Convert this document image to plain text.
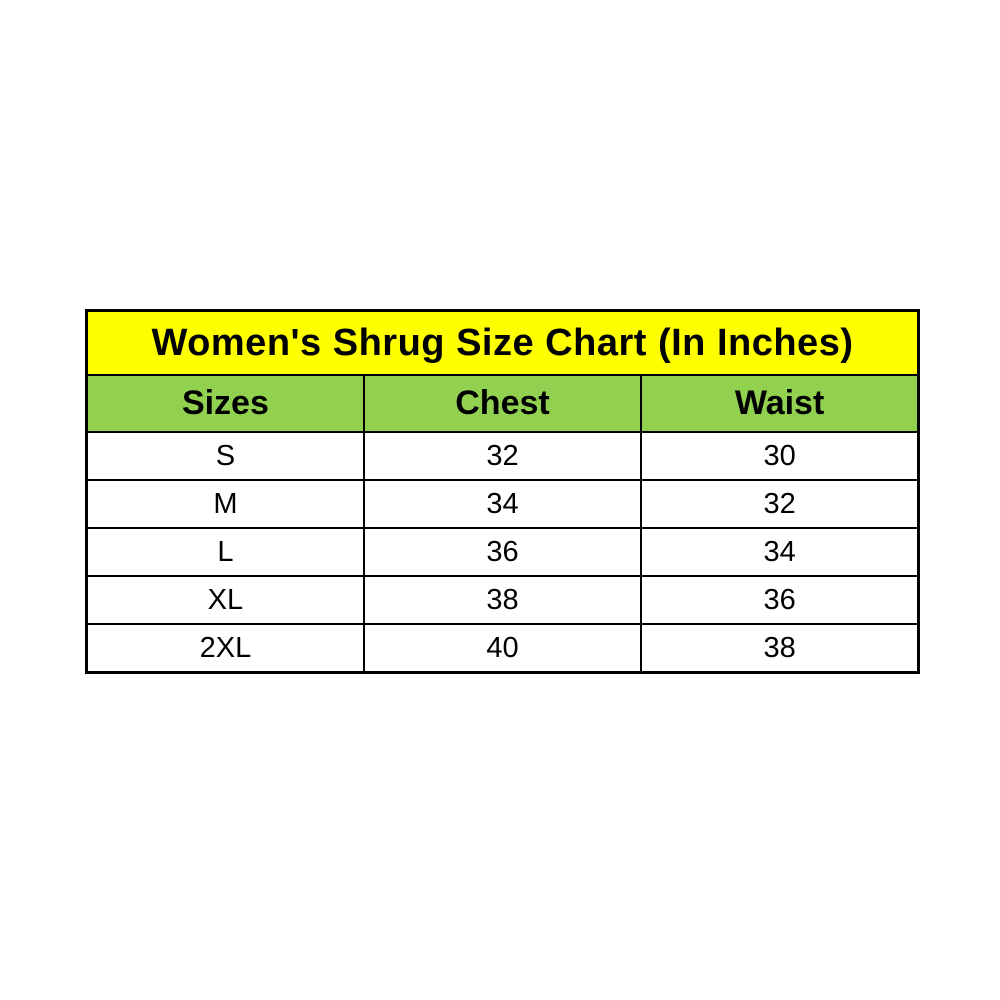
Women's Shrug Size Chart (In Inches)		
Sizes	Chest	Waist
S	32	30
M	34	32
L	36	34
XL	38	36
2XL	40	38
